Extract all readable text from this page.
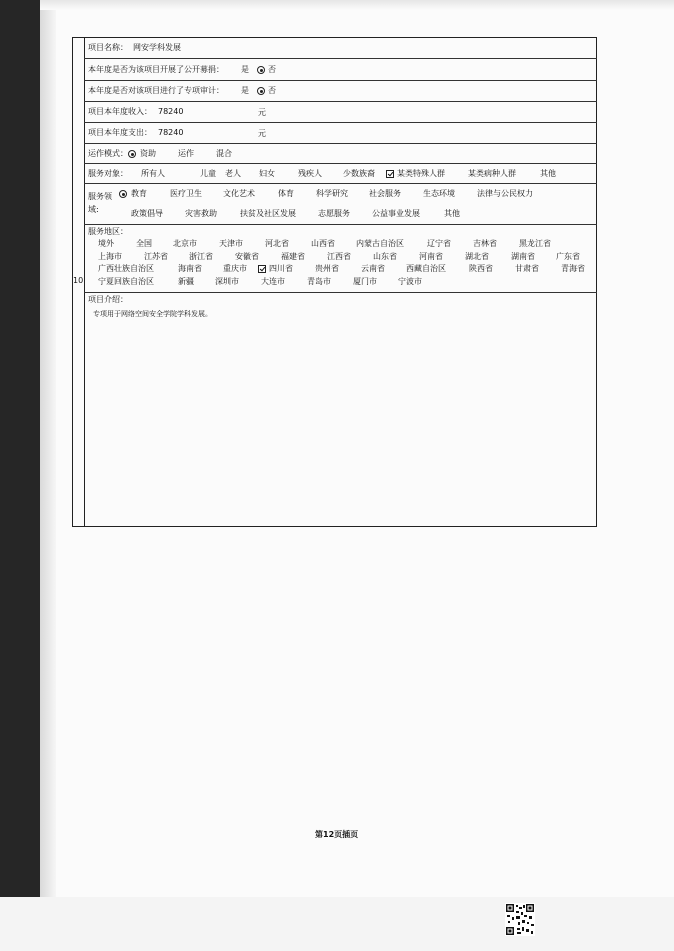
10
项目名称： 网安学科发展
本年度是否为该项目开展了公开募捐： 是 否
本年度是否对该项目进行了专项审计： 是 否
项目本年度收入： 78240	元
项目本年度支出： 78240	元
运作模式： 资助	运作	混合
服务对象： 所有人	儿童 老人 妇女	残疾人	少数族裔	某类特殊人群	某类病种人群	其他
服务领
域:
教育	医疗卫生	文化艺术	体育	科学研究	社会服务	生态环境	法律与公民权力
政策倡导	灾害救助	扶贫及社区发展	志愿服务	公益事业发展	其他
服务地区：
境外	全国	北京市	天津市	河北省	山西省	内蒙古自治区	辽宁省	吉林省	黑龙江省
上海市	江苏省	浙江省	安徽省	福建省	江西省	山东省	河南省	湖北省	湖南省	广东省
广西壮族自治区	海南省	重庆市	四川省	贵州省	云南省	西藏自治区	陕西省	甘肃省	青海省
宁夏回族自治区	新疆	深圳市	大连市	青岛市	厦门市	宁波市
项目介绍：
专项用于网络空间安全学院学科发展。
第12页插页
